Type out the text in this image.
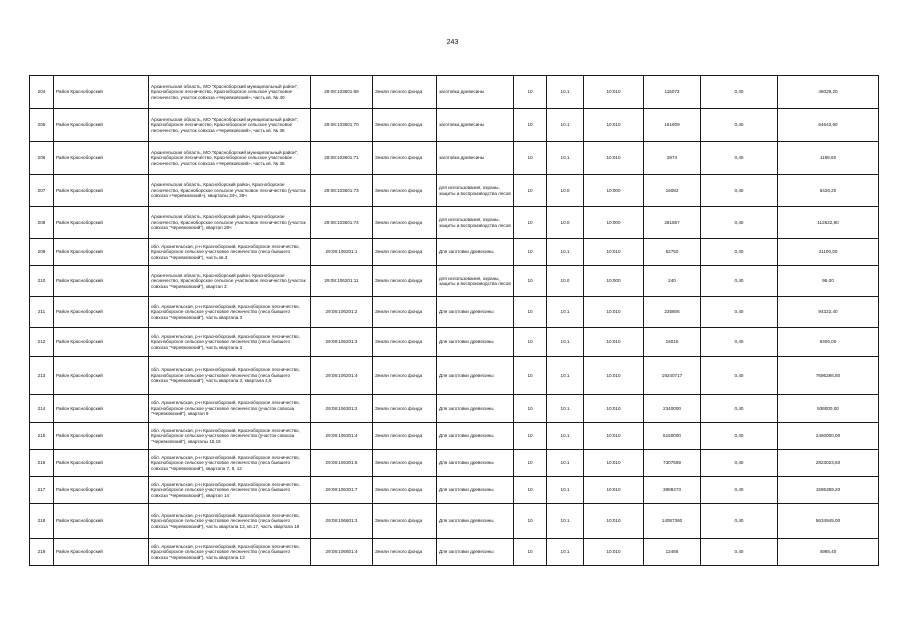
243
204	Район Красноборский	Архангельская область, МО "Красноборский муниципальный район", Красноборское лесничество, Красноборское сельское участковое лесничество, участок совхоза «Черевковский», часть кв. № 40	29:08:103601:69	Земли лесного фонда	заготовка древесины	10	10.1	10:010	115073	0,40	46029,20
205	Район Красноборский	Архангельская область, МО "Красноборский муниципальный район", Красноборское лесничество, Красноборское сельское участковое лесничество, участок совхоза «Черевковский», часть кв. № 35	29:08:103601:70	Земли лесного фонда	заготовка древесины	10	10.1	10:010	161609	0,40	64643,60
206	Район Красноборский	Архангельская область, МО "Красноборский муниципальный район", Красноборское лесничество, Красноборское сельское участковое лесничество, участок совхоза «Черевковский», часть кв. № 35	29:08:103601:71	Земли лесного фонда	заготовка древесины	10	10.1	10:010	2974	0,40	1189,60
207	Район Красноборский	Архангельская область, Красноборский район, Красноборское лесничество, Красноборское сельское участковое лесничество (участок совхоза «Черевковский»), кварталы 34ч, 35ч	29:08:103601:73	Земли лесного фонда	для использования, охраны, защиты и воспроизводства лесов	10	10.0	10:000	16082	0,40	6426,20
208	Район Красноборский	Архангельская область, Красноборский район, Красноборское лесничество, Красноборское сельское участковое лесничество (участок совхоза "Черевковский"), квартал 28ч	29:08:103601:74	Земли лесного фонда	для использования, охраны, защиты и воспроизводства лесов	10	10.0	10:000	281557	0,40	112622,80
209	Район Красноборский	обл. Архангельская, р-н Красноборский, Красноборское лесничество, Красноборское сельское участковое лесничество (леса бывшего совхоза "Черевковский"), часть кв.3	29:08:106201:1	Земли лесного фонда	Для заготовки древесины	10	10.1	10:010	52750	0,40	21100,00
210	Район Красноборский	Архангельская область, Красноборский район, Красноборское лесничество, Красноборское сельское участковое лесничество (участок совхоза "Черевковский"), квартал 3	29:08:106201:11	Земли лесного фонда	для использования, охраны, защиты и воспроизводства лесов	10	10.0	10:000	240	0,40	96,00
211	Район Красноборский	обл. Архангельская, р-н Красноборский, Красноборское лесничество, Красноборское сельское участковое лесничество (леса бывшего совхоза "Черевковский"), часть квартала 3	29:08:106201:2	Земли лесного фонда	Для заготовки древесины	10	10.1	10:010	235806	0,40	94322,40
212	Район Красноборский	обл. Архангельская, р-н Красноборский, Красноборское лесничество, Красноборское сельское участковое лесничество (леса бывшего совхоза "Черевковский"), часть квартала 3	29:08:106201:3	Земли лесного фонда	Для заготовки древесины	10	10.1	10:010	16015	0,40	6406,00
213	Район Красноборский	обл. Архангельская, р-н Красноборский, Красноборское лесничество, Красноборское сельское участковое лесничество (леса бывшего совхоза "Черевковский"), часть квартала 3, квартала 4,5	29:08:106201:4	Земли лесного фонда	Для заготовки древесины	10	10.1	10:010	19240717	0,40	7696286,80
214	Район Красноборский	обл. Архангельская, р-н Красноборский, Красноборское лесничество, Красноборское сельское участковое лесничество (участок совхоза "Черевковский"), квартал 9	29:08:106301:2	Земли лесного фонда	Для заготовки древесины	10	10.1	10:010	2340000	0,40	936000,00
215	Район Красноборский	обл. Архангельская, р-н Красноборский, Красноборское лесничество, Красноборское сельское участковое лесничество (участок совхоза "Черевковский"), кварталы 15,16	29:08:106301:4	Земли лесного фонда	Для заготовки древесины	10	10.1	10:010	6150000	0,40	2460000,00
216	Район Красноборский	обл. Архангельская, р-н Красноборский, Красноборское лесничество, Красноборское сельское участковое лесничество (леса бывшего совхоза "Черевковский"), квартала 7, 8, 12	29:08:106301:6	Земли лесного фонда	Для заготовки древесины	10	10.1	10:010	7307559	0,40	2923023,60
217	Район Красноборский	обл. Архангельская, р-н Красноборский, Красноборское лесничество, Красноборское сельское участковое лесничество (леса бывшего совхоза "Черевковский"), квартал 14	29:08:106301:7	Земли лесного фонда	Для заготовки древесины	10	10.1	10:010	3988473	0,40	1595389,20
218	Район Красноборский	обл. Архангельская, р-н Красноборский, Красноборское лесничество, Красноборское сельское участковое лесничество (леса бывшего совхоза "Черевковский"), часть квартала 13, кв.17, часть квартала 18	29:08:106601:3	Земли лесного фонда	Для заготовки древесины	10	10.1	10:010	14087360	0,40	5634945,00
219	Район Красноборский	обл. Архангельская, р-н Красноборский, Красноборское лесничество, Красноборское сельское участковое лесничество (леса бывшего совхоза "Черевковский"), часть квартала 13	29:08:106601:4	Земли лесного фонда	Для заготовки древесины	10	10.1	10:010	12466	0,40	4986,40
